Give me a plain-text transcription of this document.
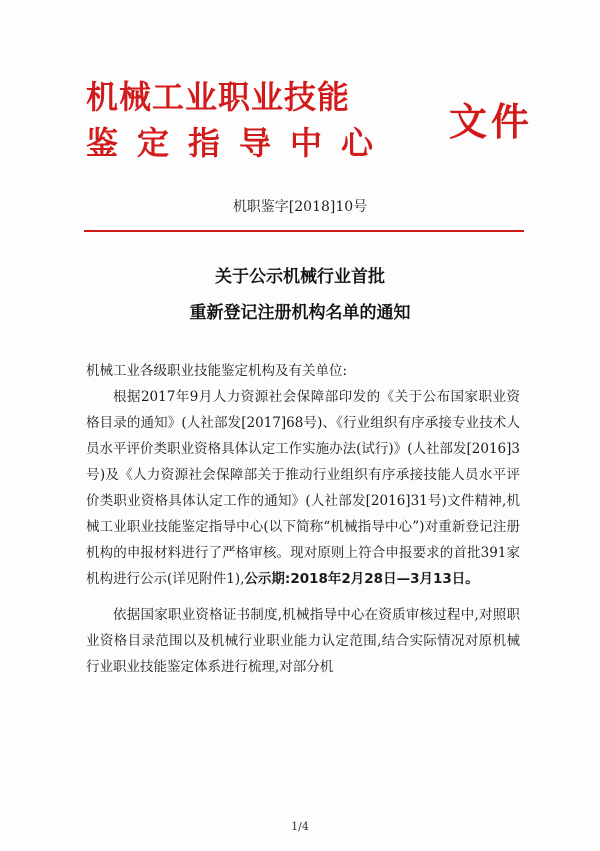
机械工业职业技能
鉴定指导中心 文件
机职鉴字[2018]10号
关于公示机械行业首批
重新登记注册机构名单的通知

机械工业各级职业技能鉴定机构及有关单位:

根据2017年9月人力资源社会保障部印发的《关于公布国家职业资格目录的通知》(人社部发[2017]68号)、《行业组织有序承接专业技术人员水平评价类职业资格具体认定工作实施办法(试行)》(人社部发[2016]3号)及《人力资源社会保障部关于推动行业组织有序承接技能人员水平评价类职业资格具体认定工作的通知》(人社部发[2016]31号)文件精神,机械工业职业技能鉴定指导中心(以下简称“机械指导中心”)对重新登记注册机构的申报材料进行了严格审核。现对原则上符合申报要求的首批391家机构进行公示(详见附件1),公示期:2018年2月28日—3月13日。

依据国家职业资格证书制度,机械指导中心在资质审核过程中,对照职业资格目录范围以及机械行业职业能力认定范围,结合实际情况对原机械行业职业技能鉴定体系进行梳理,对部分机

1/4
